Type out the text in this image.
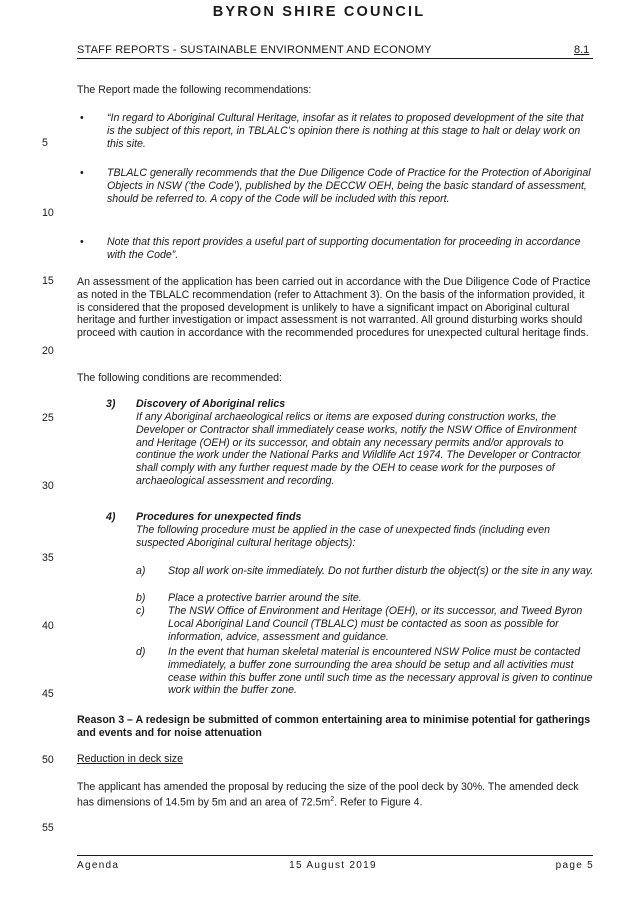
BYRON SHIRE COUNCIL
STAFF REPORTS - SUSTAINABLE ENVIRONMENT AND ECONOMY	8.1
5
10
15
20
25
30
35
40
45
50
55
The Report made the following recommendations:
• “In regard to Aboriginal Cultural Heritage, insofar as it relates to proposed development of the site that is the subject of this report, in TBLALC’s opinion there is nothing at this stage to halt or delay work on this site.
• TBLALC generally recommends that the Due Diligence Code of Practice for the Protection of Aboriginal Objects in NSW (‘the Code’), published by the DECCW OEH, being the basic standard of assessment, should be referred to. A copy of the Code will be included with this report.
• Note that this report provides a useful part of supporting documentation for proceeding in accordance with the Code”.
An assessment of the application has been carried out in accordance with the Due Diligence Code of Practice as noted in the TBLALC recommendation (refer to Attachment 3). On the basis of the information provided, it is considered that the proposed development is unlikely to have a significant impact on Aboriginal cultural heritage and further investigation or impact assessment is not warranted. All ground disturbing works should proceed with caution in accordance with the recommended procedures for unexpected cultural heritage finds.
The following conditions are recommended:
3) Discovery of Aboriginal relics
If any Aboriginal archaeological relics or items are exposed during construction works, the Developer or Contractor shall immediately cease works, notify the NSW Office of Environment and Heritage (OEH) or its successor, and obtain any necessary permits and/or approvals to continue the work under the National Parks and Wildlife Act 1974. The Developer or Contractor shall comply with any further request made by the OEH to cease work for the purposes of archaeological assessment and recording.
4) Procedures for unexpected finds
The following procedure must be applied in the case of unexpected finds (including even suspected Aboriginal cultural heritage objects):
a) Stop all work on-site immediately. Do not further disturb the object(s) or the site in any way.
b) Place a protective barrier around the site.
c) The NSW Office of Environment and Heritage (OEH), or its successor, and Tweed Byron Local Aboriginal Land Council (TBLALC) must be contacted as soon as possible for information, advice, assessment and guidance.
d) In the event that human skeletal material is encountered NSW Police must be contacted immediately, a buffer zone surrounding the area should be setup and all activities must cease within this buffer zone until such time as the necessary approval is given to continue work within the buffer zone.
Reason 3 – A redesign be submitted of common entertaining area to minimise potential for gatherings and events and for noise attenuation
Reduction in deck size
The applicant has amended the proposal by reducing the size of the pool deck by 30%. The amended deck has dimensions of 14.5m by 5m and an area of $72.5m^2$. Refer to Figure 4.
Agenda	15 August 2019	page 5
